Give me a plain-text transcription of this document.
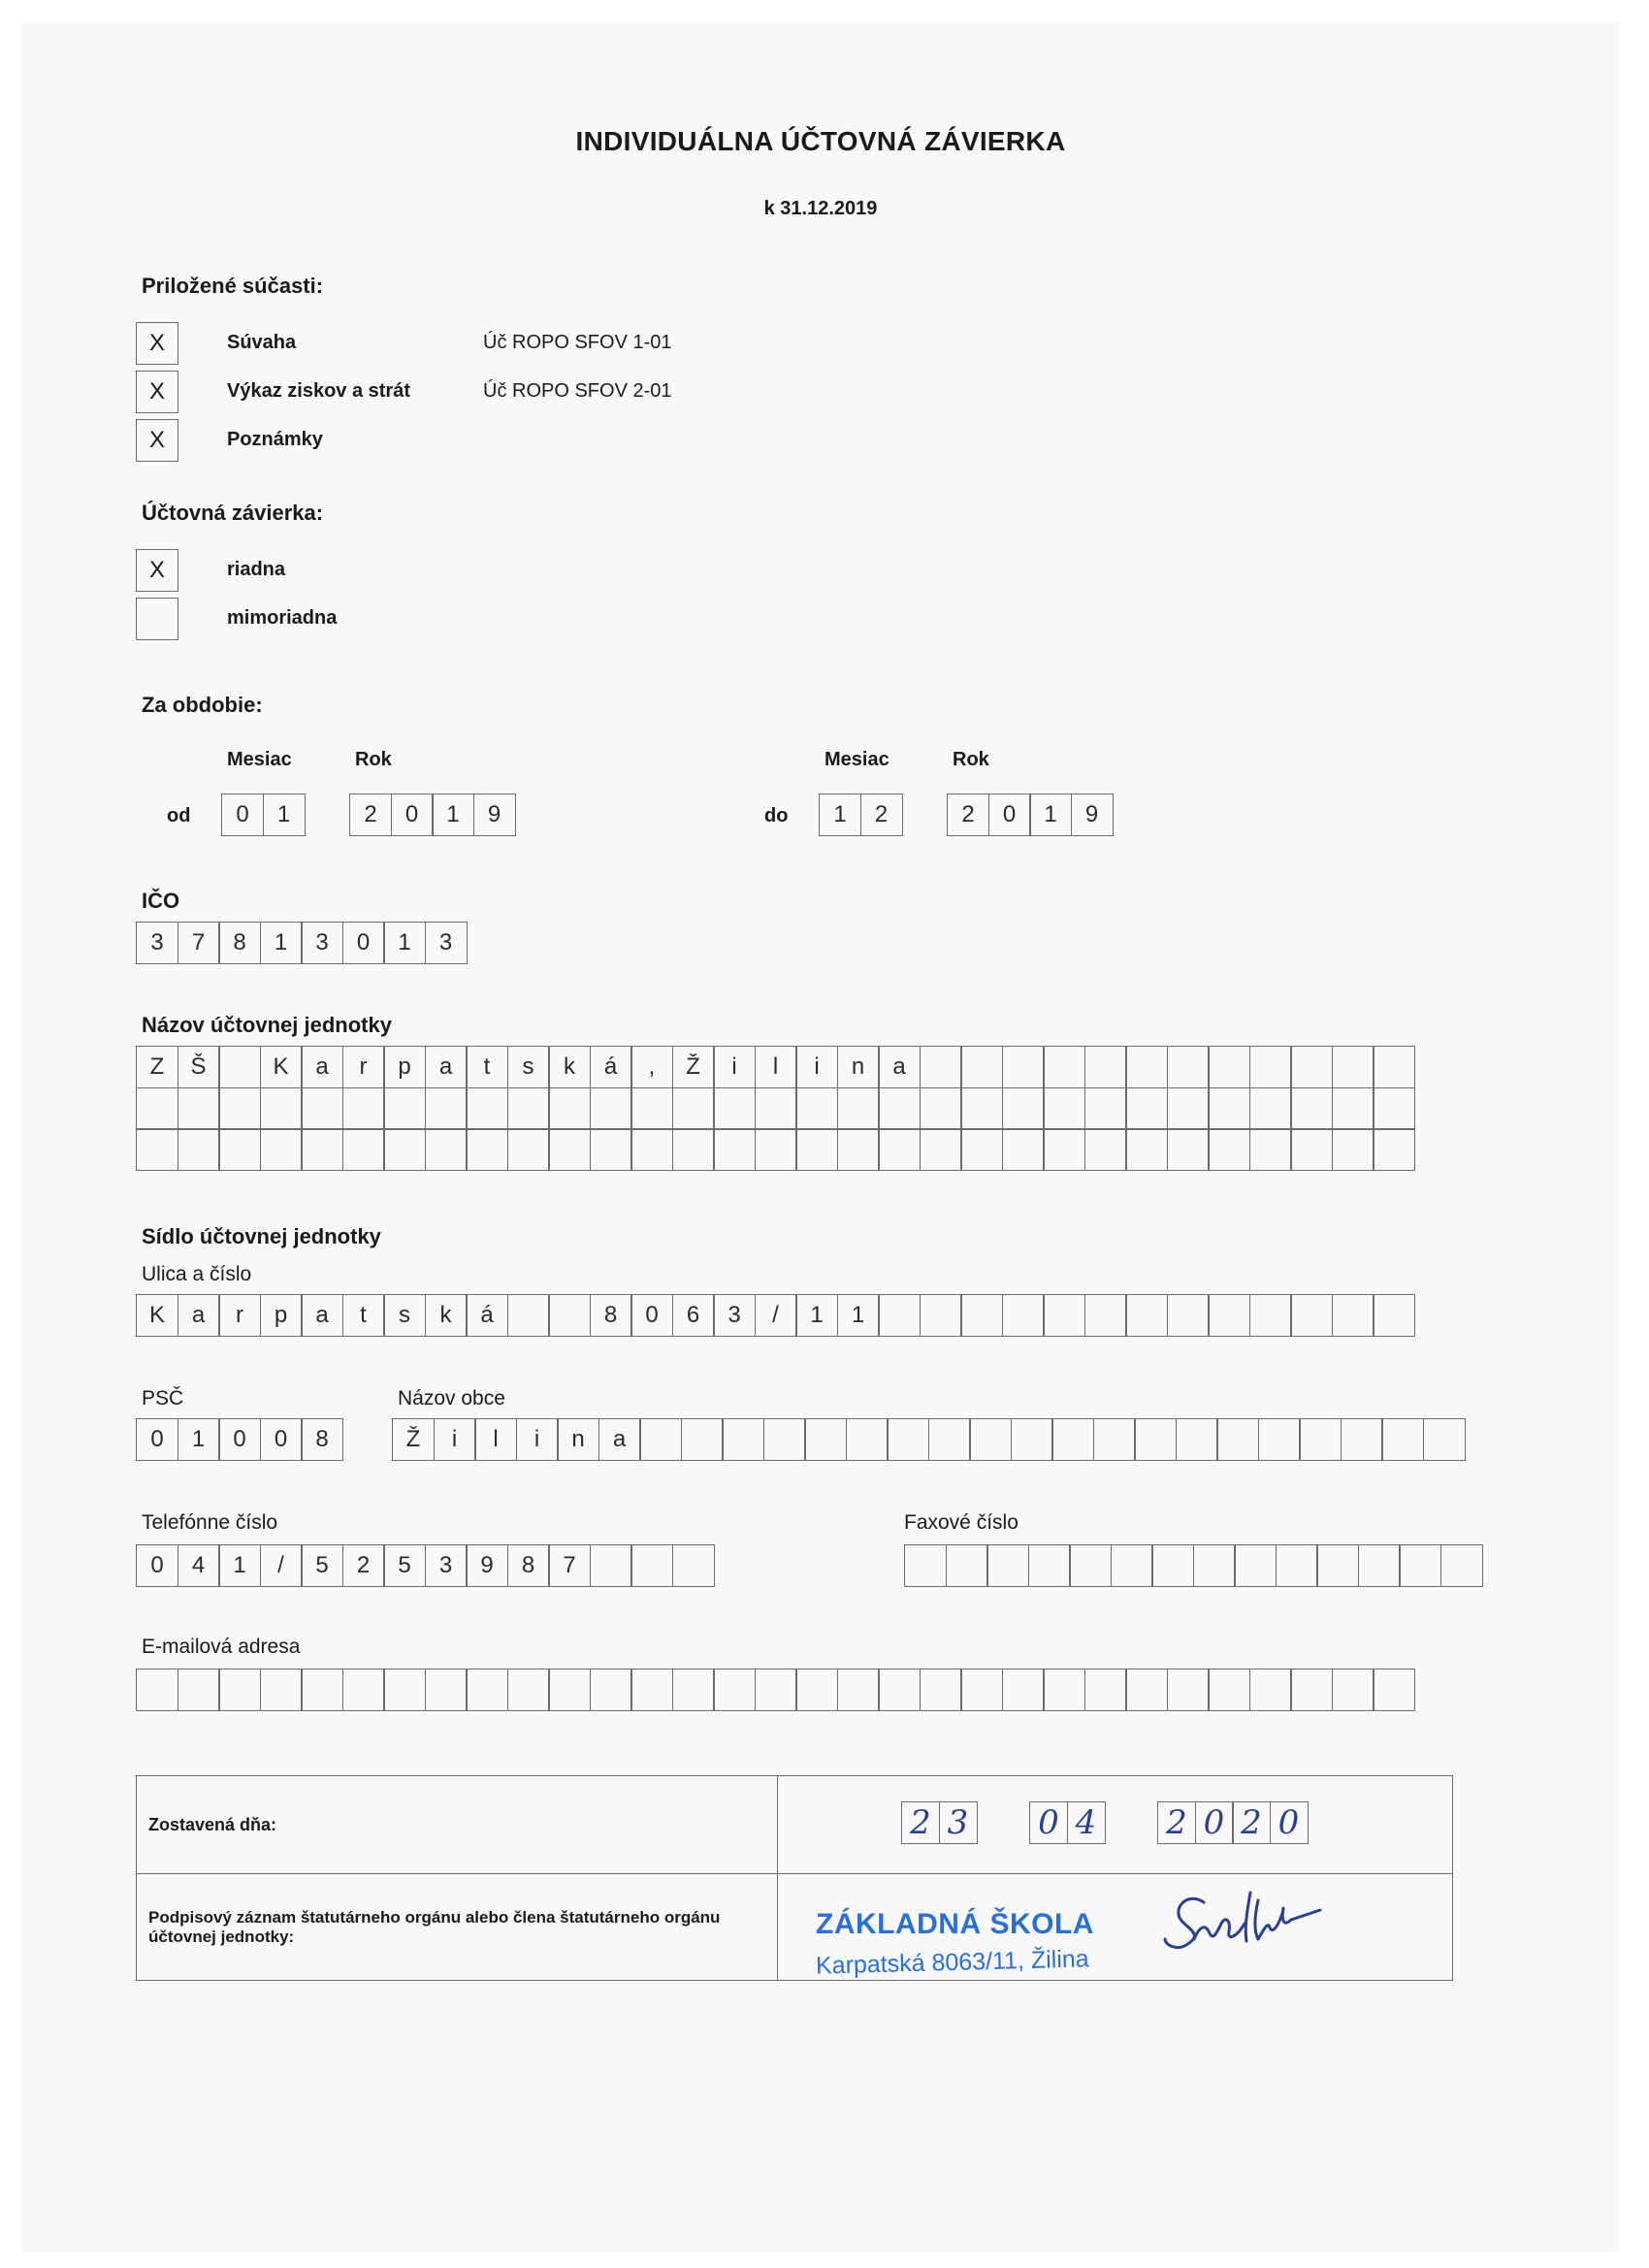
INDIVIDUÁLNA ÚČTOVNÁ ZÁVIERKA
k 31.12.2019
Priložené súčasti:
X	Súvaha	Úč ROPO SFOV 1-01
X	Výkaz ziskov a strát	Úč ROPO SFOV 2-01
X	Poznámky
Účtovná závierka:
X	riadna
mimoriadna
Za obdobie:
Mesiac	Rok	Mesiac	Rok
od	0	1	2	0	1	9	do	1	2	2	0	1	9
IČO
3	7	8	1	3	0	1	3
Názov účtovnej jednotky
Z	Š	K	a	r	p	a	t	s	k	á	,	Ž	i	l	i	n	a
Sídlo účtovnej jednotky
Ulica a číslo
K	a	r	p	a	t	s	k	á	8	0	6	3	/	1	1
PSČ
0	1	0	0	8
Názov obce
Ž	i	l	i	n	a
Telefónne číslo
0	4	1	/	5	2	5	3	9	8	7
Faxové číslo
E-mailová adresa
Zostavená dňa:	2 3 0 4 2 0 2 0
Podpisový záznam štatutárneho orgánu alebo člena štatutárneho orgánu účtovnej jednotky:	ZÁKLADNÁ ŠKOLA
Karpatská 8063/11, Žilina
